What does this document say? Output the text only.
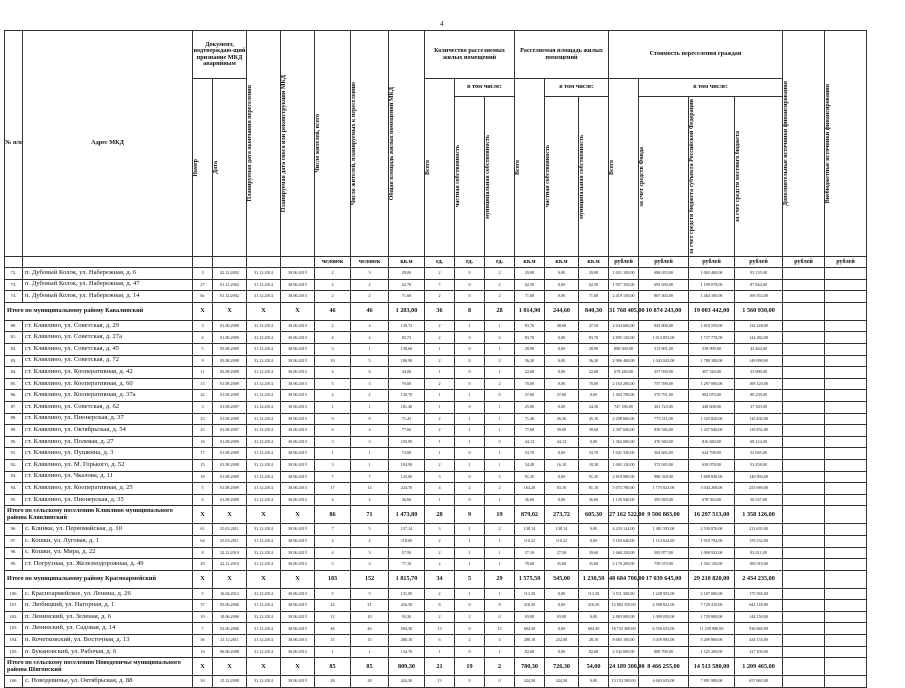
4
№ п/п	Адрес МКД	Документ, подтверждаю-щий признание МКД аварийным		Планируемая дата окончания переселения	Планируемая дата сноса или реконструкции МКД	Число жителей, всего	Число жителей, планируемых к переселению	Общая площадь жилых помещений МКД	Количество расселяемых жилых помещений			Расселяемая площадь жилых помещений			Стоимость переселения граждан				Дополнительные источники финансирования	Внебюджетные источники финансирования	

		Номер	Дата						Всего	в том числе:		Всего	в том числе:		Всего	в том числе:					

										частная собственность	муниципальная собственность		частная собственность	муниципальная собственность		за счет средств Фонда	за счет средств бюджета субъекта Российской Федерации	за счет средств местного бюджета			

						человек	человек	кв.м	ед.	ед.	ед.	кв.м	кв.м	кв.м	рублей	рублей	рублей	рублей	рублей	рублей	
72.	п. Дубовый Колок, ул. Набережная, д. 6	3	02.12.2002	31.12.2014	30.06.2015	2	3	29,00	2	0	2	29,00	0,00	29,00	1 021 100,00	688 055,00	1 002 400,00	95 135,00			
73.	п. Дубовый Колок, ул. Набережная, д. 47	27	01.12.2002	31.12.2014	30.06.2015	2	2	62,70	7	0	2	62,50	0,00	62,50	1 957 350,00	693 650,00	1 199 078,00	87 844,00			
74.	п. Дубовый Колок, ул. Набережная, д. 14	8x	01.12.2002	31.12.2014	30.06.2015	2	2	71,60	2	0	2	71,00	0,00	71,00	2 419 150,00	867 402,00	1 464 160,00	106 552,00			
Итого по муниципальному району Кавалинский		X	X	X	X	46	46	1 203,00	36	8	28	1 014,90	244,60	840,30	31 768 405,00	10 874 243,00	19 003 442,00	1 560 930,00			
80.	ст. Клявлино, ул. Советская, д. 29	3	01.06.2009	31.12.2014	30.06.2015	2	4	139,72	2	1	1	83,70	48,00	47,50	2 634 600,00	943 800,00	1 818 559,00	134 228,00			
81.	ст. Клявлино, ул. Советская, д. 27а	4	01.06.2009	31.12.2014	30.06.2015	4	4	83,72	2	0	2	83,70	0,00	83,70	2 895 120,00	1 013 855,00	1 737 778,00	144 282,00			
82.	ст. Клявлино, ул. Советская, д. 45	5	05.08.2009	31.12.2014	30.06.2015	3	1	138,60	1	0	1	28,90	0,00	28,90	888 560,00	313 901,00	538 999,00	43 464,00			
83.	ст. Клявлино, ул. Советская, д. 72	9	05.08.2009	31.12.2014	30.06.2015	10	5	106,90	2	0	2	56,20	0,00	56,20	2 986 400,00	1 043 045,00	1 788 180,00	149 090,00			
84.	ст. Клявлино, ул. Кооперативная, д. 42	11	05.08.2009	31.12.2014	30.06.2015	4	6	44,00	1	0	1	22,00	0,00	22,00	679 240,00	237 930,00	407 520,00	33 990,00			
85.	ст. Клявлино, ул. Кооперативная, д. 60	13	01.08.2009	31.12.2014	30.06.2015	5	3	70,00	2	0	2	70,00	0,00	70,00	2 163 200,00	757 590,00	1 297 000,00	108 120,00			
86.	ст. Клявлино, ул. Кооперативная, д. 37а	22	01.08.2009	31.12.2014	30.06.2015	2	2	130,70	1	1	0	37,00	37,00	0,00	1 403 700,00	570 791,00	982 670,00	80 239,00			
87.	ст. Клявлино, ул. Советская, д. 62	3	01.08.2007	31.12.2014	30.06.2015	1	1	101,40	1	0	1	25,00	0,00	24,30	747 180,00	261 723,00	448 608,00	37 383,00			
88.	ст. Клявлино, ул. Пионерская, д. 37	23	01.08.2009	31.12.2014	30.06.2015	9	9	71,43	2	1	1	71,40	26,30	45,10	2 208 600,00	773 511,00	1 325 820,00	110 430,00			
89.	ст. Клявлино, ул. Октябрьская, д. 54	25	01.08.2007	31.12.2014	30.06.2015	6	4	77,60	2	1	1	77,60	39,00	38,60	2 397 040,00	839 546,00	1 437 840,00	119 852,00			
90.	ст. Клявлино, ул. Полевая, д. 27	16	01.08.2009	31.12.2014	30.06.2015	3	3	103,90	1	1	0	44,12	44,12	0,00	1 362 000,00	476 940,00	816 840,00	68 124,00			
91.	ст. Клявлино, ул. Пушкина, д. 3	17	01.08.2009	31.12.2014	30.06.2015	1	1	74,00	1	0	1	33,70	0,00	33,70	1 041 330,00	364 665,00	624 798,00	52 065,00			
92.	ст. Клявлино, ул. М. Горького, д. 52	15	01.08.2009	31.12.2014	30.06.2015	3	1	104,90	2	1	1	34,48	16,10	18,38	1 065 130,00	372 945,00	639 078,00	53 258,00			
93.	ст. Клявлино, ул. Чкалова, д. 11	18	01.08.2009	31.12.2014	30.06.2015	7	7	125,00	3	0	3	91,20	0,00	91,20	2 818 080,00	986 328,00	1 690 848,00	140 904,00			
94.	ст. Клявлино, ул. Кооперативная, д. 25	5	01.08.2009	31.12.2014	30.06.2015	17	14	224,70	4	2	2	164,20	83,10	81,10	5 073 780,00	1 775 823,00	3 044 268,00	253 689,00			
95.	ст. Клявлино, ул. Пионерская, д. 35	6	01.08.2009	31.12.2014	30.06.2015	4	2	36,60	1	0	1	36,60	0,00	36,60	1 130 940,00	395 829,00	678 564,00	56 547,00			
Итого по сельскому поселению Клявлино муниципального района Клявлинский		X	X	X	X	86	71	1 473,80	28	9	19	879,02	273,72	605,30	27 162 522,00	9 506 883,00	16 297 513,00	1 358 126,00			
96.	с. Клинки, ул. Первомайская, д. 10	61	25.03.2011	31.12.2014	30.06.2015	7	5	157,14	3	1	2	138,14	138,14	0,00	4 233 124,00	1 481 593,00	2 539 876,00	211 655,00			
97.	с. Кошки, ул. Луговая, д. 1	64	25.03.2011	31.12.2014	30.06.2015	4	4	118,00	2	1	1	110,22	110,22	0,00	3 184 640,00	1 114 624,00	1 910 784,00	159 232,00			
98.	с. Кошки, ул. Мира, д. 22	8	22.12.2010	31.12.2014	30.06.2015	4	3	57,50	2	1	1	57,10	27,50	29,60	1 668 220,00	583 877,00	1 000 932,00	83 411,00			
99.	ст. Погрузная, ул. Железнодорожная, д. 49	29	22.12.2010	31.12.2014	30.06.2015	3	3	77,10	2	1	1	70,00	35,00	35,00	2 170 200,00	759 570,00	1 302 120,00	108 510,00			
Итого по муниципальному району Красноармейский		X	X	X	X	183	152	1 815,70	34	5	29	1 575,50	345,00	1 230,50	48 684 700,00	17 039 645,00	29 210 820,00	2 434 235,00			
100.	с. Красноармейское, ул. Ленина, д. 26	5	16.04.2012	31.12.2014	30.06.2015	5	5	131,00	2	1	1	113,30	0,00	113,30	3 511 300,00	1 228 955,00	2 107 000,00	175 565,00			
101.	п. Любицкий, ул. Нагорная, д. 1	37	05.06.2006	31.12.2014	30.06.2015	22	21	416,50	8	0	8	416,50	0,00	416,50	12 882 350,00	4 508 822,00	7 729 410,00	644 118,00			
102.	п. Ленинский, ул. Зеленая, д. 6	10	10.06.2006	31.12.2014	30.06.2015	12	10	93,30	2	2	0	93,00	93,00	0,00	2 883 000,00	1 009 050,00	1 729 800,00	144 150,00			
103.	п. Ленинский, ул. Садовая, д. 14	7	02.06.2006	31.12.2014	30.06.2015	46	46	604,30	13	0	13	604,30	0,00	604,30	18 733 300,00	6 556 655,00	11 239 980,00	936 665,00			
104.	п. Кочетковский, ул. Восточная, д. 13	36	21.12.2011	31.12.2014	30.06.2015	15	15	280,10	6	2	4	280,10	252,00	28,10	8 683 100,00	3 039 085,00	5 209 860,00	434 155,00			
105.	п. Букановский, ул. Рабочая, д. 6	16	06.06.2008	31.12.2014	30.06.2015	1	1	134,76	1	0	1	82,00	0,00	82,00	2 542 000,00	889 700,00	1 525 200,00	127 100,00			
Итого по сельскому поселению Новодевичье муниципального района Шигонский		X	X	X	X	85	85	809,30	21	19	2	780,30	726,30	54,00	24 189 300,00	8 466 255,00	14 513 580,00	1 209 465,00			
106.	с. Новодевичье, ул. Октябрьская, д. 88	30	15.12.2009	31.12.2014	30.06.2015	28	28	424,30	13	0	0	424,30	424,30	0,00	13 153 300,00	4 603 655,00	7 891 980,00	657 665,00			
